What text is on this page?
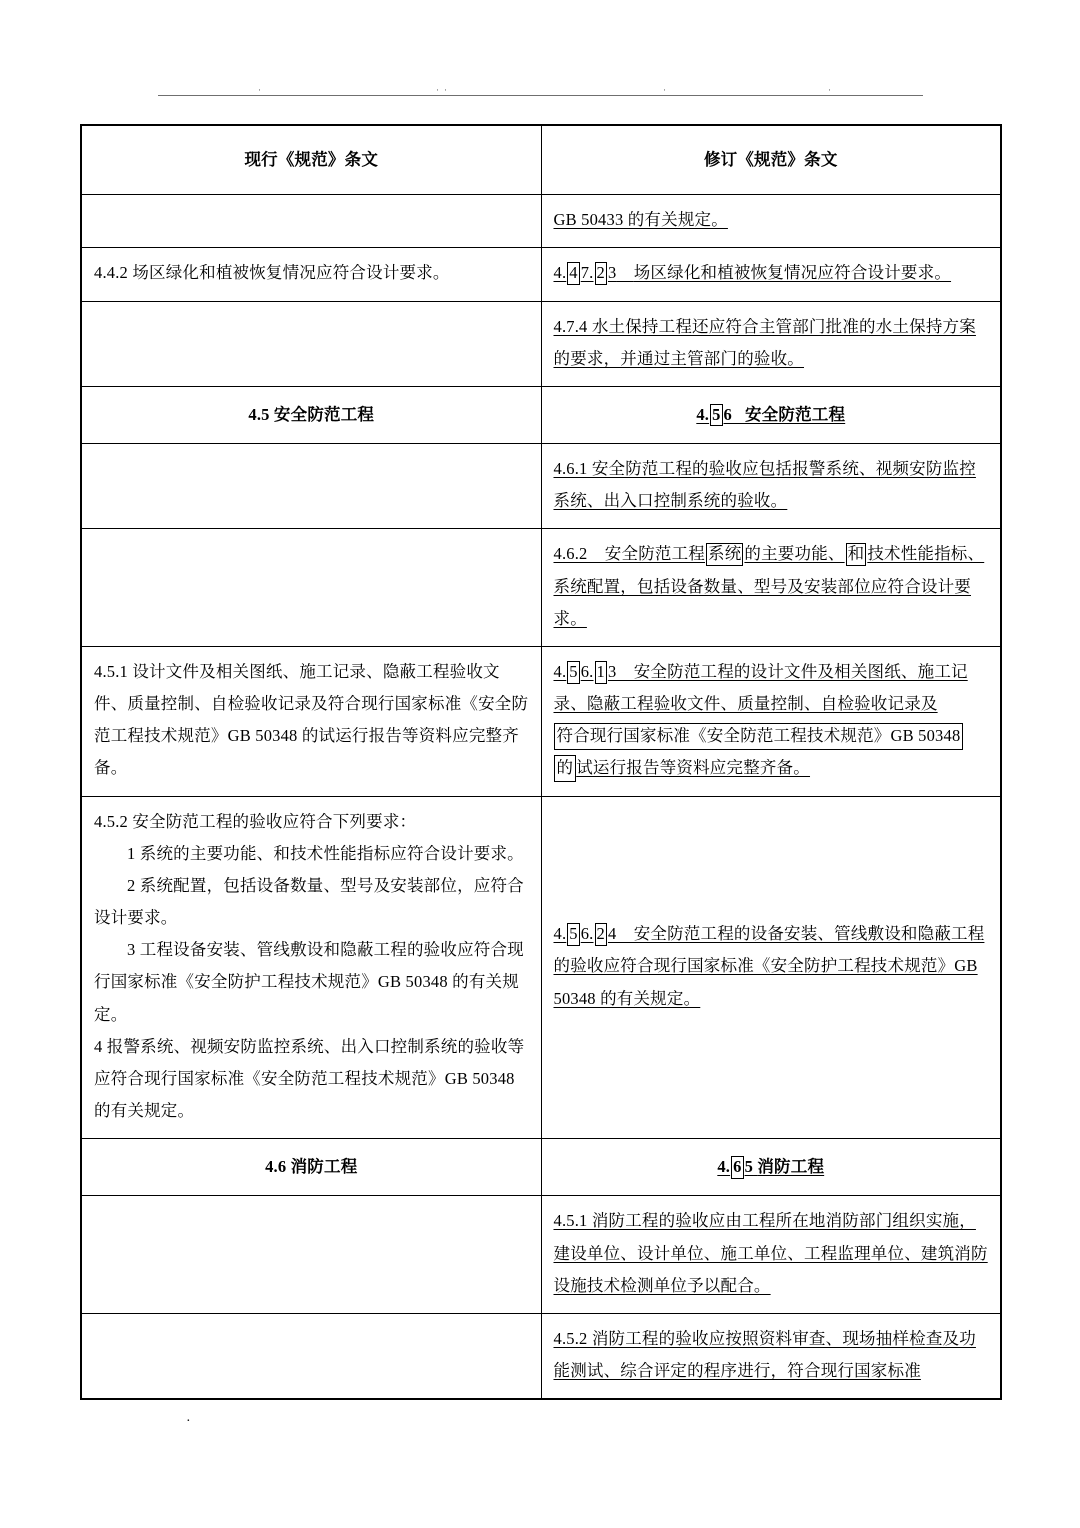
·	· ·	·	·
现行《规范》条文	修订《规范》条文
	GB 50433 的有关规定。
4.4.2 场区绿化和植被恢复情况应符合设计要求。	4. 4 7. 2 3 场区绿化和植被恢复情况应符合设计要求。
	4.7.4 水土保持工程还应符合主管部门批准的水土保持方案的要求，并通过主管部门的验收。
4.5 安全防范工程	4. 5 6 安全防范工程
	4.6.1 安全防范工程的验收应包括报警系统、视频安防监控系统、出入口控制系统的验收。
	4.6.2    安全防范工程 系统 的主要功能、 和 技术性能指标、系统配置，包括设备数量、型号及安装部位应符合设计要求。
4.5.1 设计文件及相关图纸、施工记录、隐蔽工程验收文件、质量控制、自检验收记录及符合现行国家标准《安全防范工程技术规范》GB 50348 的试运行报告等资料应完整齐备。	4. 5 6. 1 3    安全防范工程的设计文件及相关图纸、施工记录、隐蔽工程验收文件、质量控制、自检验收记录及符合现行国家标准《安全防范工程技术规范》GB 50348 的 试运行报告等资料应完整齐备。

4.5.2 安全防范工程的验收应符合下列要求：
1 系统的主要功能、和技术性能指标应符合设计要求。
2 系统配置，包括设备数量、型号及安装部位，应符合设计要求。
3 工程设备安装、管线敷设和隐蔽工程的验收应符合现行国家标准《安全防护工程技术规范》GB 50348 的有关规定。
4 报警系统、视频安防监控系统、出入口控制系统的验收等应符合现行国家标准《安全防范工程技术规范》GB 50348 的有关规定。	4. 5 6. 2 4    安全防范工程的设备安装、管线敷设和隐蔽工程的验收应符合现行国家标准《安全防护工程技术规范》GB 50348 的有关规定。
4.6 消防工程	4. 6 5 消防工程
	4.5.1 消防工程的验收应由工程所在地消防部门组织实施，建设单位、设计单位、施工单位、工程监理单位、建筑消防设施技术检测单位予以配合。
	4.5.2 消防工程的验收应按照资料审查、现场抽样检查及功能测试、综合评定的程序进行，符合现行国家标准
·
